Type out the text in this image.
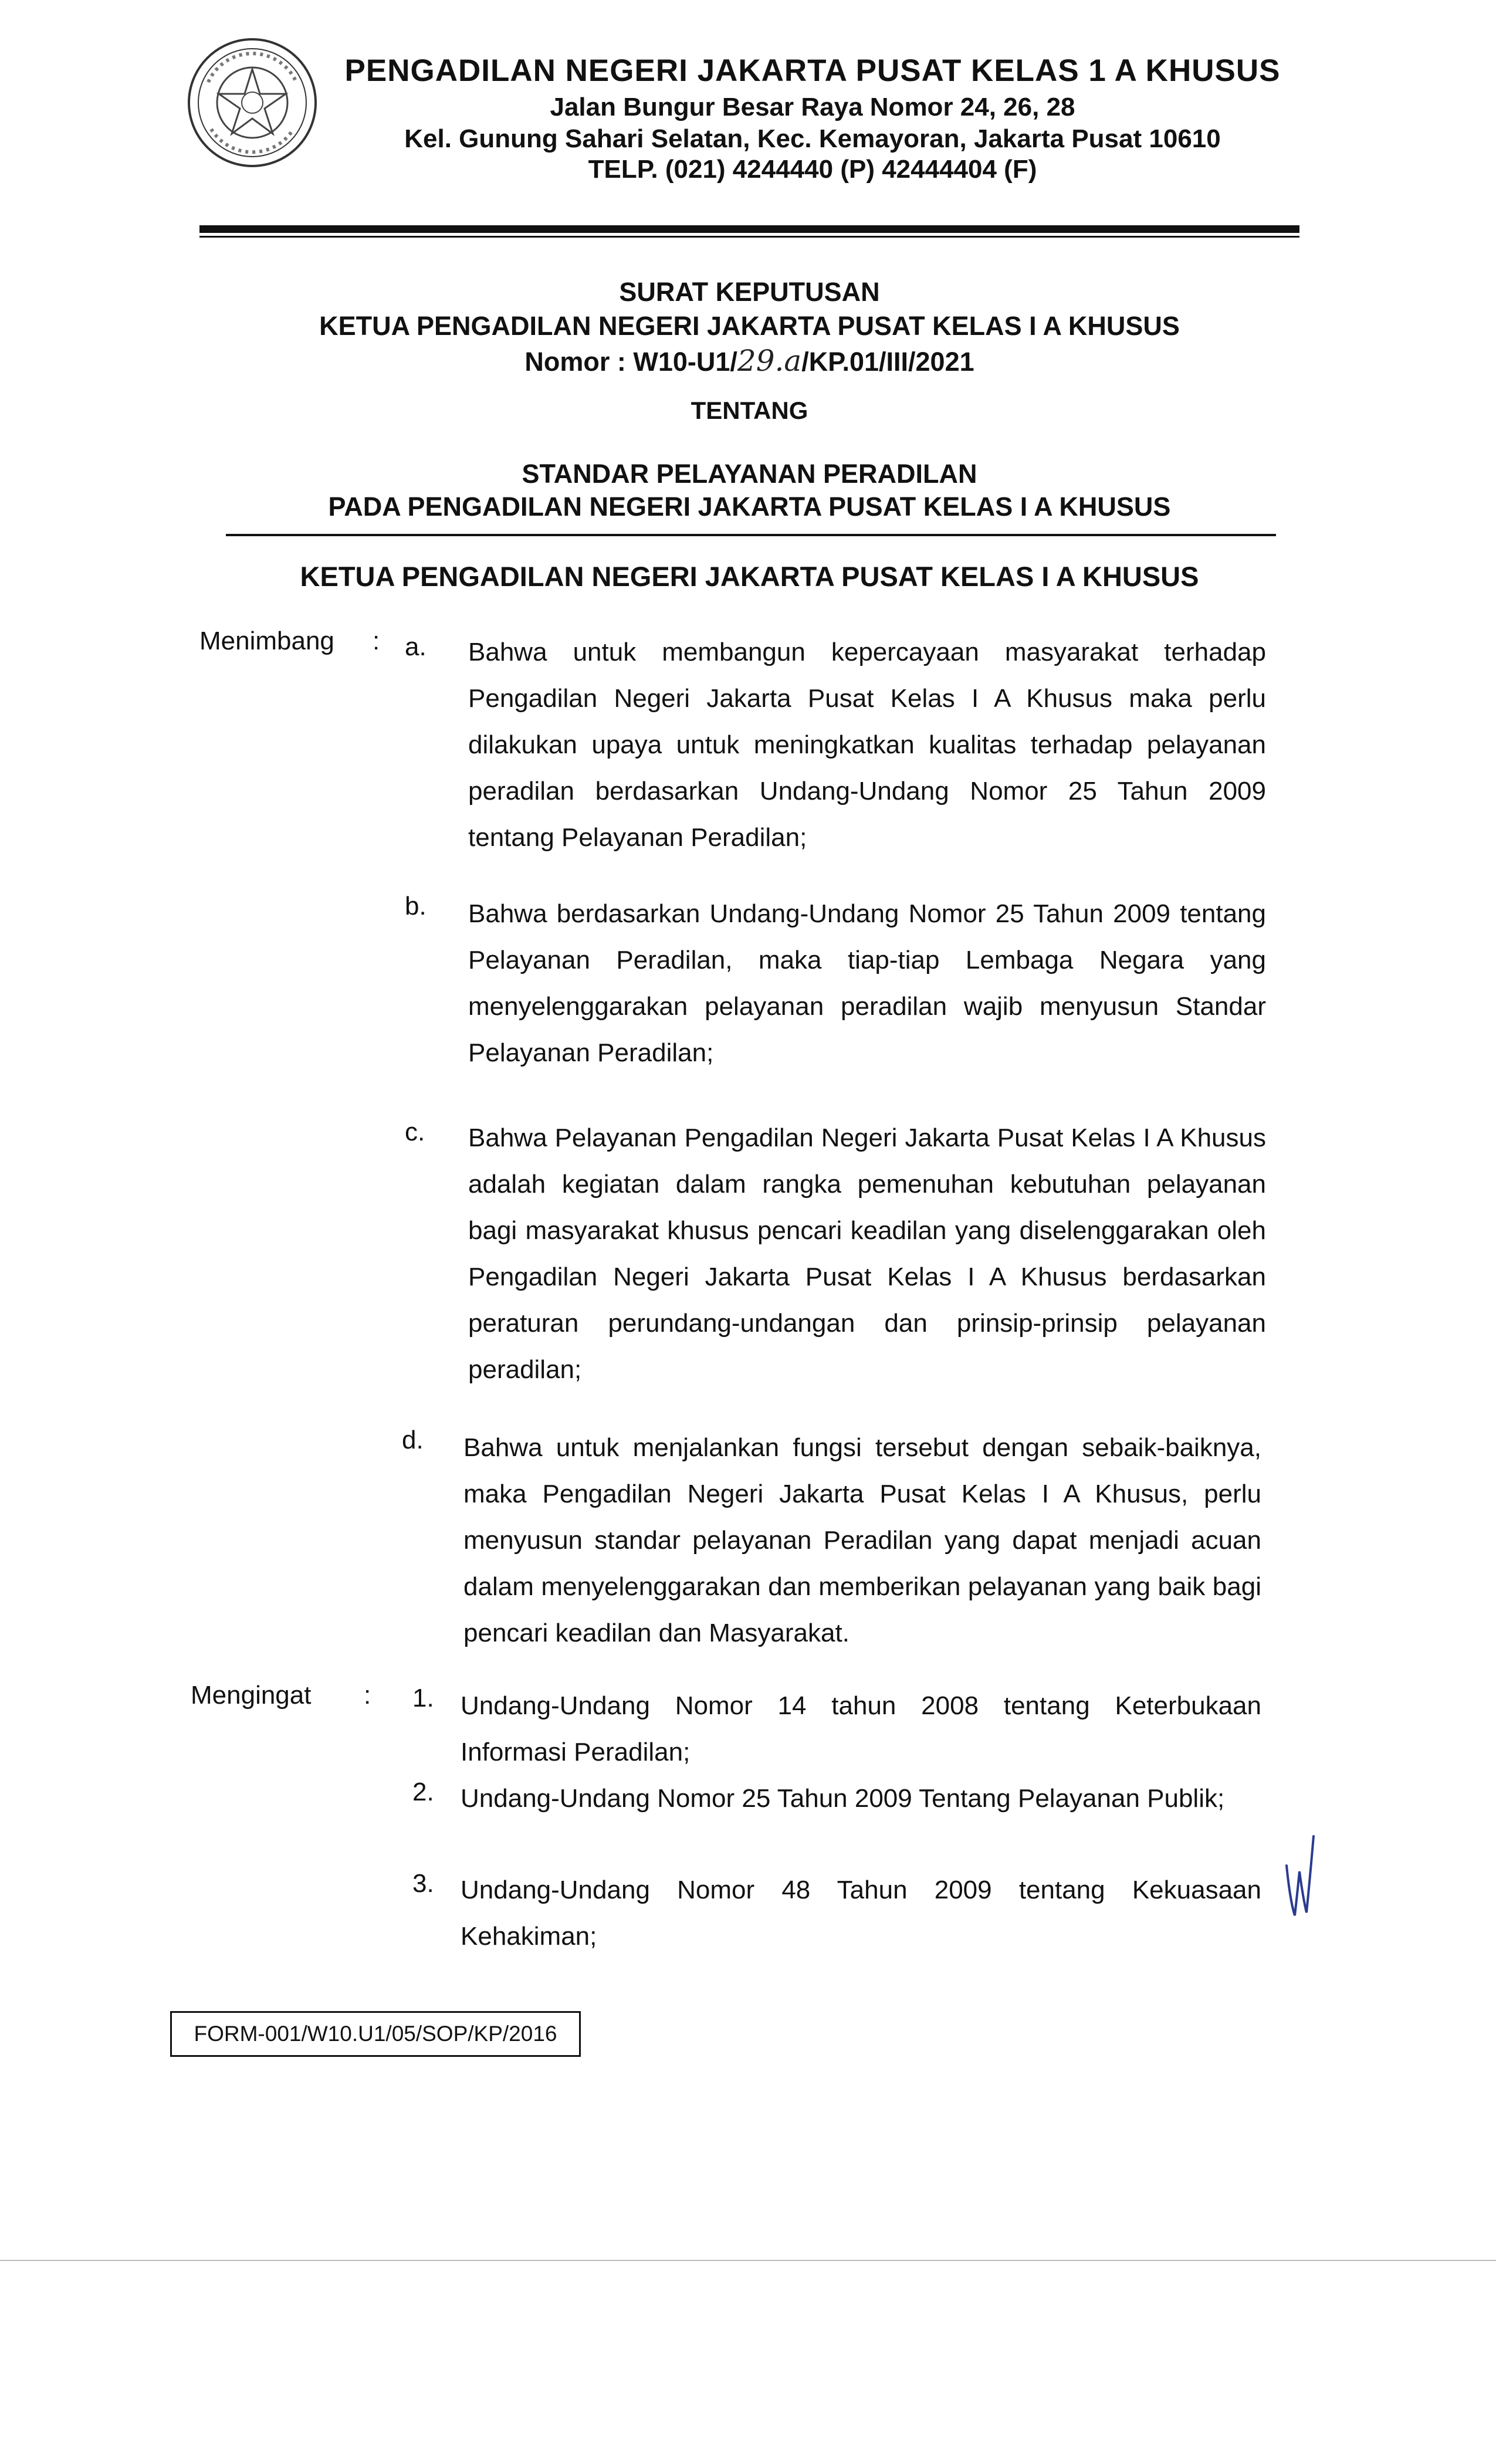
PENGADILAN NEGERI JAKARTA PUSAT KELAS 1 A KHUSUS
Jalan Bungur Besar Raya Nomor 24, 26, 28
Kel. Gunung Sahari Selatan, Kec. Kemayoran, Jakarta Pusat 10610
TELP. (021) 4244440 (P) 42444404 (F)
SURAT KEPUTUSAN
KETUA PENGADILAN NEGERI JAKARTA PUSAT KELAS I A KHUSUS
Nomor : W10-U1/29.a/KP.01/III/2021
TENTANG
STANDAR PELAYANAN PERADILAN
PADA PENGADILAN NEGERI JAKARTA PUSAT KELAS I A KHUSUS
KETUA PENGADILAN NEGERI JAKARTA PUSAT KELAS I A KHUSUS
Menimbang : a. Bahwa untuk membangun kepercayaan masyarakat terhadap Pengadilan Negeri Jakarta Pusat Kelas I A Khusus maka perlu dilakukan upaya untuk meningkatkan kualitas terhadap pelayanan peradilan berdasarkan Undang-Undang Nomor 25 Tahun 2009 tentang Pelayanan Peradilan;
b. Bahwa berdasarkan Undang-Undang Nomor 25 Tahun 2009 tentang Pelayanan Peradilan, maka tiap-tiap Lembaga Negara yang menyelenggarakan pelayanan peradilan wajib menyusun Standar Pelayanan Peradilan;
c. Bahwa Pelayanan Pengadilan Negeri Jakarta Pusat Kelas I A Khusus adalah kegiatan dalam rangka pemenuhan kebutuhan pelayanan bagi masyarakat khusus pencari keadilan yang diselenggarakan oleh Pengadilan Negeri Jakarta Pusat Kelas I A Khusus berdasarkan peraturan perundang-undangan dan prinsip-prinsip pelayanan peradilan;
d. Bahwa untuk menjalankan fungsi tersebut dengan sebaik-baiknya, maka Pengadilan Negeri Jakarta Pusat Kelas I A Khusus, perlu menyusun standar pelayanan Peradilan yang dapat menjadi acuan dalam menyelenggarakan dan memberikan pelayanan yang baik bagi pencari keadilan dan Masyarakat.
Mengingat : 1. Undang-Undang Nomor 14 tahun 2008 tentang Keterbukaan Informasi Peradilan;
2. Undang-Undang Nomor 25 Tahun 2009 Tentang Pelayanan Publik;
3. Undang-Undang Nomor 48 Tahun 2009 tentang Kekuasaan Kehakiman;
FORM-001/W10.U1/05/SOP/KP/2016
